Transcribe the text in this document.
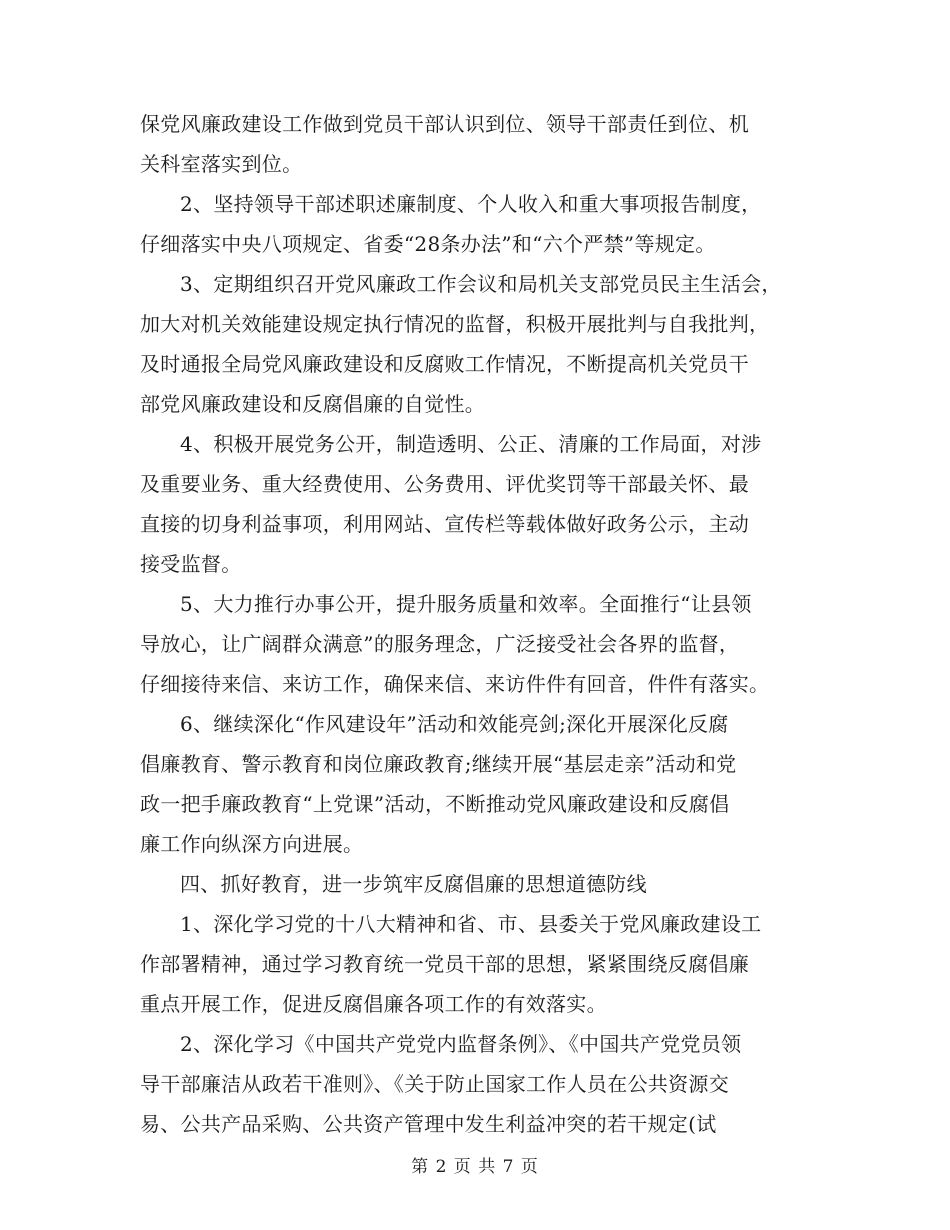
保党风廉政建设工作做到党员干部认识到位、领导干部责任到位、机
关科室落实到位。
2、坚持领导干部述职述廉制度、个人收入和重大事项报告制度，
仔细落实中央八项规定、省委“28条办法”和“六个严禁”等规定。
3、定期组织召开党风廉政工作会议和局机关支部党员民主生活会，
加大对机关效能建设规定执行情况的监督，积极开展批判与自我批判，
及时通报全局党风廉政建设和反腐败工作情况，不断提高机关党员干
部党风廉政建设和反腐倡廉的自觉性。
4、积极开展党务公开，制造透明、公正、清廉的工作局面，对涉
及重要业务、重大经费使用、公务费用、评优奖罚等干部最关怀、最
直接的切身利益事项，利用网站、宣传栏等载体做好政务公示，主动
接受监督。
5、大力推行办事公开，提升服务质量和效率。全面推行“让县领
导放心，让广阔群众满意”的服务理念，广泛接受社会各界的监督，
仔细接待来信、来访工作，确保来信、来访件件有回音，件件有落实。
6、继续深化“作风建设年”活动和效能亮剑;深化开展深化反腐
倡廉教育、警示教育和岗位廉政教育;继续开展“基层走亲”活动和党
政一把手廉政教育“上党课”活动，不断推动党风廉政建设和反腐倡
廉工作向纵深方向进展。
四、抓好教育，进一步筑牢反腐倡廉的思想道德防线
1、深化学习党的十八大精神和省、市、县委关于党风廉政建设工
作部署精神，通过学习教育统一党员干部的思想，紧紧围绕反腐倡廉
重点开展工作，促进反腐倡廉各项工作的有效落实。
2、深化学习《中国共产党党内监督条例》、《中国共产党党员领
导干部廉洁从政若干准则》、《关于防止国家工作人员在公共资源交
易、公共产品采购、公共资产管理中发生利益冲突的若干规定(试
第 2 页 共 7 页
